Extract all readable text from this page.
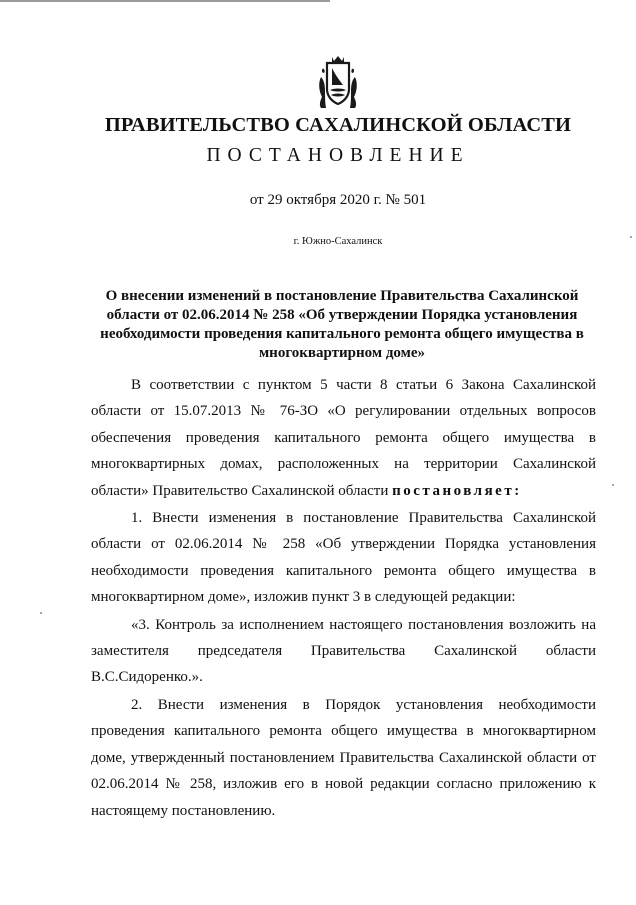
ПРАВИТЕЛЬСТВО САХАЛИНСКОЙ ОБЛАСТИ
ПОСТАНОВЛЕНИЕ
от 29 октября 2020 г. № 501
г. Южно-Сахалинск
О внесении изменений в постановление Правительства Сахалинской области от 02.06.2014 № 258 «Об утверждении Порядка установления необходимости проведения капитального ремонта общего имущества в многоквартирном доме»

В соответствии с пунктом 5 части 8 статьи 6 Закона Сахалинской области от 15.07.2013 № 76-ЗО «О регулировании отдельных вопросов обеспечения проведения капитального ремонта общего имущества в многоквартирных домах, расположенных на территории Сахалинской области» Правительство Сахалинской области постановляет:

1. Внести изменения в постановление Правительства Сахалинской области от 02.06.2014 № 258 «Об утверждении Порядка установления необходимости проведения капитального ремонта общего имущества в многоквартирном доме», изложив пункт 3 в следующей редакции:

«3. Контроль за исполнением настоящего постановления возложить на заместителя председателя Правительства Сахалинской области В.С.Сидоренко.».

2. Внести изменения в Порядок установления необходимости проведения капитального ремонта общего имущества в многоквартирном доме, утвержденный постановлением Правительства Сахалинской области от 02.06.2014 № 258, изложив его в новой редакции согласно приложению к настоящему постановлению.
